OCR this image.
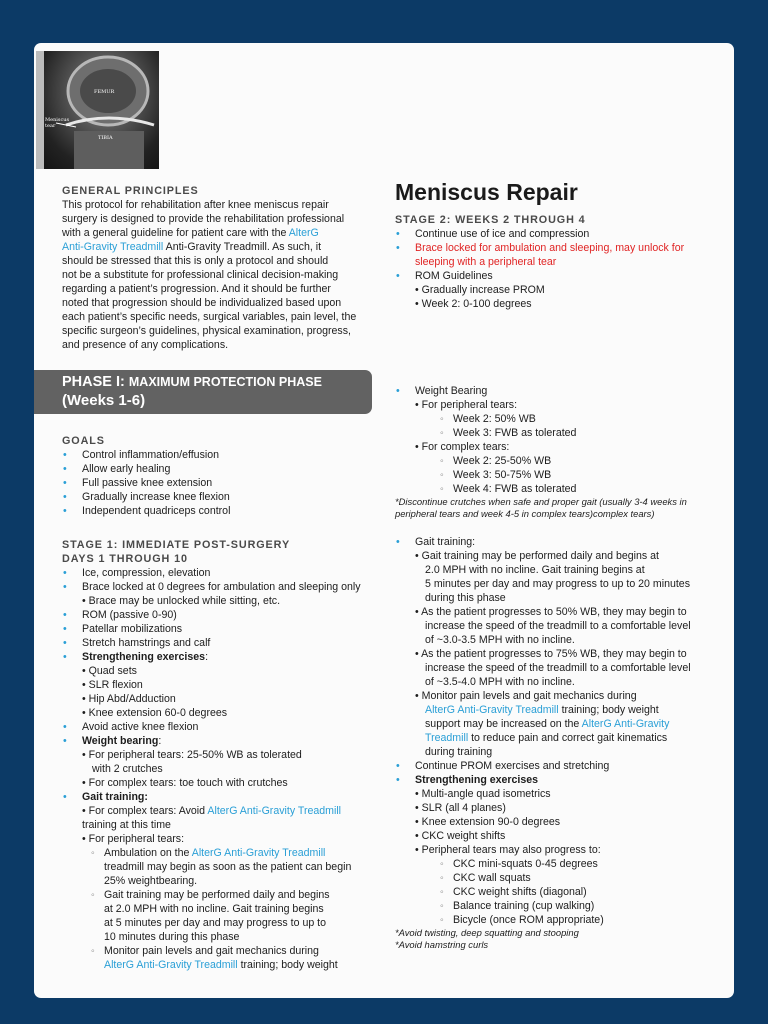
FEMUR
TIBIA
Meniscus tear
GENERAL PRINCIPLES
This protocol for rehabilitation after knee meniscus repair
surgery is designed to provide the rehabilitation professional
with a general guideline for patient care with the AlterG
Anti-Gravity Treadmill Anti-Gravity Treadmill. As such, it
should be stressed that this is only a protocol and should
not be a substitute for professional clinical decision-making
regarding a patient’s progression. And it should be further
noted that progression should be individualized based upon
each patient’s specific needs, surgical variables, pain level, the
specific surgeon’s guidelines, physical examination, progress,
and presence of any complications.
PHASE I: MAXIMUM PROTECTION PHASE
(Weeks 1-6)
GOALS
• Control inflammation/effusion
• Allow early healing
• Full passive knee extension
• Gradually increase knee flexion
• Independent quadriceps control
STAGE 1: IMMEDIATE POST-SURGERY
DAYS 1 THROUGH 10
• Ice, compression, elevation
• Brace locked at 0 degrees for ambulation and sleeping only
• Brace may be unlocked while sitting, etc.
• ROM (passive 0-90)
• Patellar mobilizations
• Stretch hamstrings and calf
• Strengthening exercises:
• Quad sets
• SLR flexion
• Hip Abd/Adduction
• Knee extension 60-0 degrees
• Avoid active knee flexion
• Weight bearing:
• For peripheral tears: 25-50% WB as tolerated
with 2 crutches
• For complex tears: toe touch with crutches
• Gait training:
• For complex tears: Avoid AlterG Anti-Gravity Treadmill
training at this time
• For peripheral tears:
◦ Ambulation on the AlterG Anti-Gravity Treadmill
treadmill may begin as soon as the patient can begin
25% weightbearing.
◦ Gait training may be performed daily and begins
at 2.0 MPH with no incline. Gait training begins
at 5 minutes per day and may progress to up to
10 minutes during this phase
◦ Monitor pain levels and gait mechanics during
AlterG Anti-Gravity Treadmill training; body weight
Meniscus Repair
STAGE 2: WEEKS 2 THROUGH 4
• Continue use of ice and compression
• Brace locked for ambulation and sleeping, may unlock for
sleeping with a peripheral tear
• ROM Guidelines
• Gradually increase PROM
• Week 2: 0-100 degrees
• Weight Bearing
• For peripheral tears:
◦ Week 2: 50% WB
◦ Week 3: FWB as tolerated
• For complex tears:
◦ Week 2: 25-50% WB
◦ Week 3: 50-75% WB
◦ Week 4: FWB as tolerated
*Discontinue crutches when safe and proper gait (usually 3-4 weeks in
peripheral tears and week 4-5 in complex tears)complex tears)
• Gait training:
• Gait training may be performed daily and begins at
2.0 MPH with no incline. Gait training begins at
5 minutes per day and may progress to up to 20 minutes
during this phase
• As the patient progresses to 50% WB, they may begin to
increase the speed of the treadmill to a comfortable level
of ~3.0-3.5 MPH with no incline.
• As the patient progresses to 75% WB, they may begin to
increase the speed of the treadmill to a comfortable level
of ~3.5-4.0 MPH with no incline.
• Monitor pain levels and gait mechanics during
AlterG Anti-Gravity Treadmill training; body weight
support may be increased on the AlterG Anti-Gravity
Treadmill to reduce pain and correct gait kinematics
during training
• Continue PROM exercises and stretching
• Strengthening exercises
• Multi-angle quad isometrics
• SLR (all 4 planes)
• Knee extension 90-0 degrees
• CKC weight shifts
• Peripheral tears may also progress to:
◦ CKC mini-squats 0-45 degrees
◦ CKC wall squats
◦ CKC weight shifts (diagonal)
◦ Balance training (cup walking)
◦ Bicycle (once ROM appropriate)
*Avoid twisting, deep squatting and stooping
*Avoid hamstring curls
